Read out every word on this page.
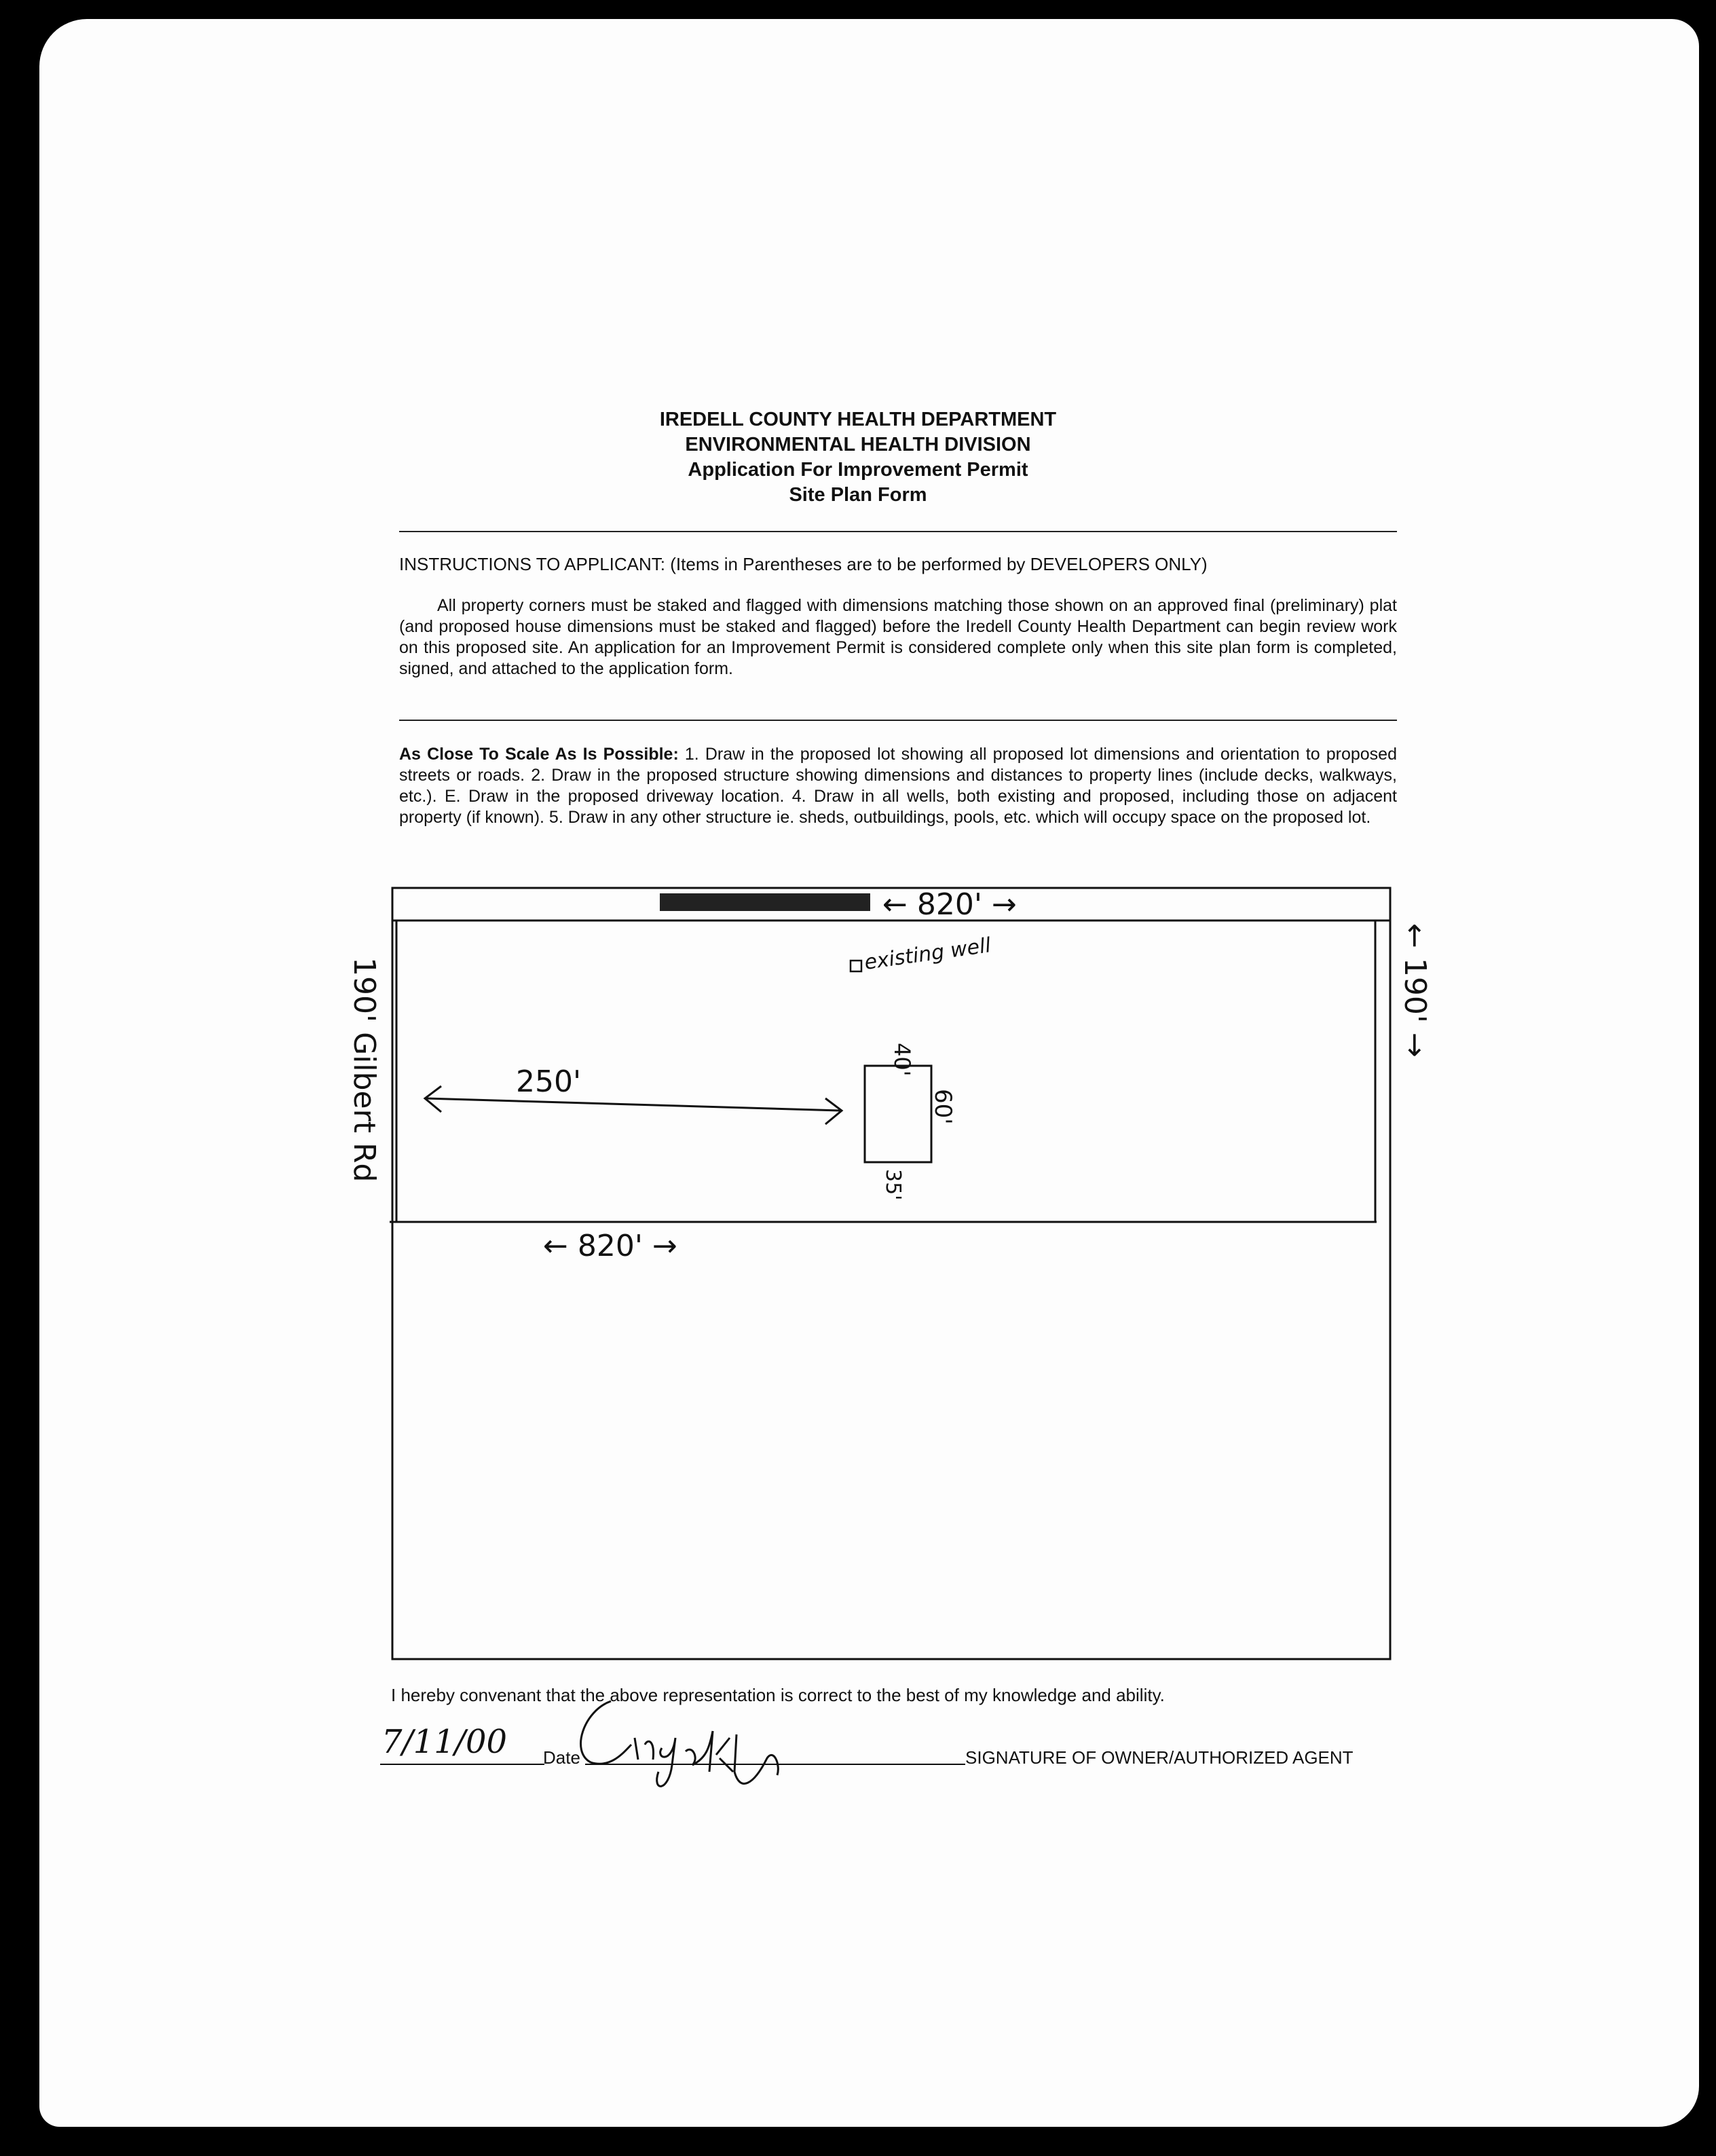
IREDELL COUNTY HEALTH DEPARTMENT
ENVIRONMENTAL HEALTH DIVISION
Application For Improvement Permit
Site Plan Form
INSTRUCTIONS TO APPLICANT: (Items in Parentheses are to be performed by DEVELOPERS ONLY)
All property corners must be staked and flagged with dimensions matching those shown on an approved final (preliminary) plat (and proposed house dimensions must be staked and flagged) before the Iredell County Health Department can begin review work on this proposed site. An application for an Improvement Permit is considered complete only when this site plan form is completed, signed, and attached to the application form.
As Close To Scale As Is Possible: 1. Draw in the proposed lot showing all proposed lot dimensions and orientation to proposed streets or roads. 2. Draw in the proposed structure showing dimensions and distances to property lines (include decks, walkways, etc.). E. Draw in the proposed driveway location. 4. Draw in all wells, both existing and proposed, including those on adjacent property (if known). 5. Draw in any other structure ie. sheds, outbuildings, pools, etc. which will occupy space on the proposed lot.
← 820' →
190' Gilbert Rd	← 190' →
existing well
250'
40'
60'
35'
← 820' →
I hereby convenant that the above representation is correct to the best of my knowledge and ability.
7/11/00 Date	SIGNATURE OF OWNER/AUTHORIZED AGENT
